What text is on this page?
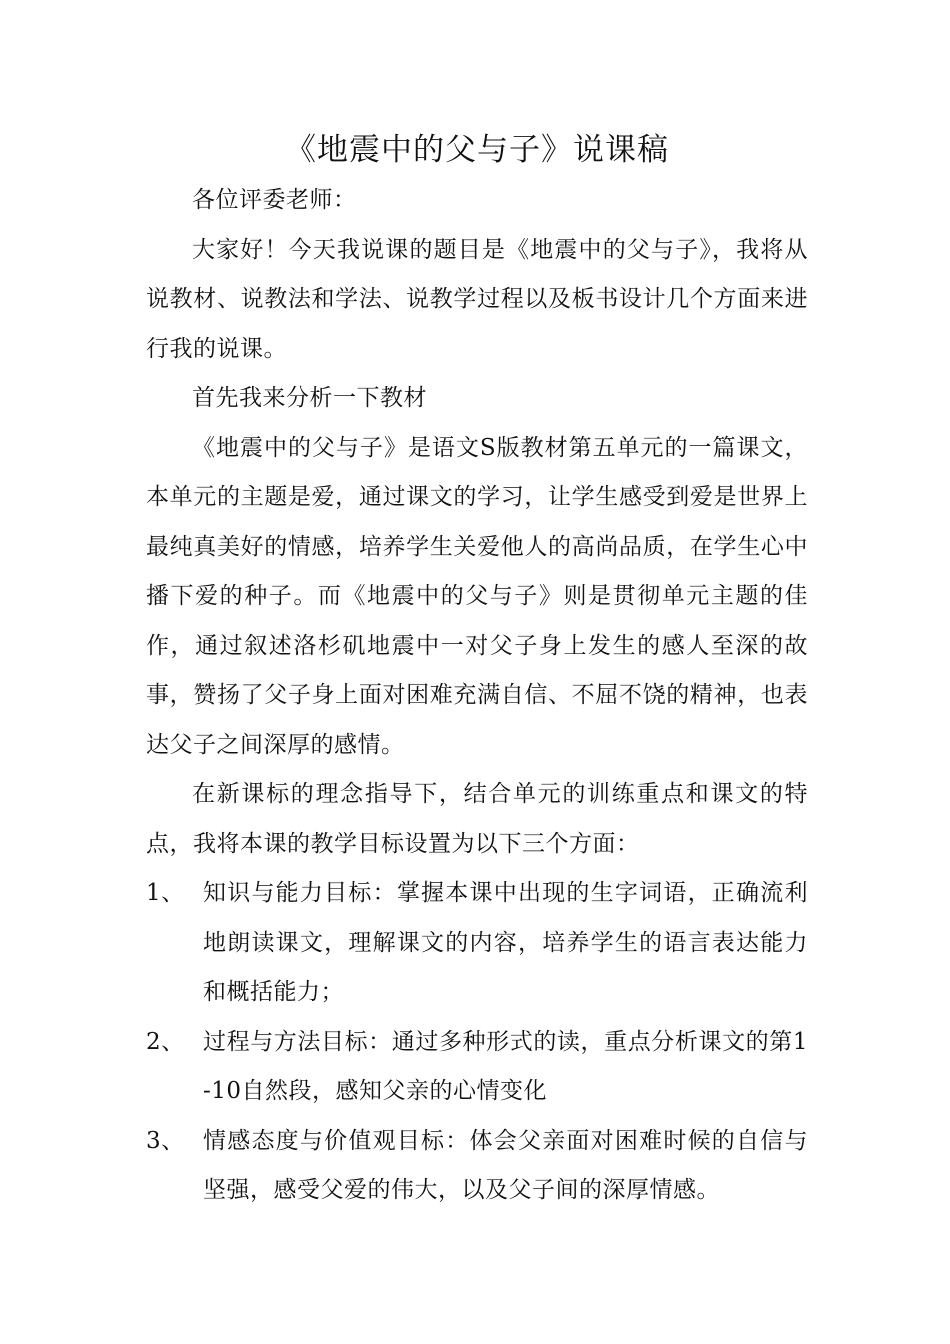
《地震中的父与子》说课稿

各位评委老师：

大家好！今天我说课的题目是《地震中的父与子》，我将从说教材、说教法和学法、说教学过程以及板书设计几个方面来进行我的说课。

首先我来分析一下教材

《地震中的父与子》是语文S版教材第五单元的一篇课文，本单元的主题是爱，通过课文的学习，让学生感受到爱是世界上最纯真美好的情感，培养学生关爱他人的高尚品质，在学生心中播下爱的种子。而《地震中的父与子》则是贯彻单元主题的佳作，通过叙述洛杉矶地震中一对父子身上发生的感人至深的故事，赞扬了父子身上面对困难充满自信、不屈不饶的精神，也表达父子之间深厚的感情。

在新课标的理念指导下，结合单元的训练重点和课文的特点，我将本课的教学目标设置为以下三个方面：

1、 知识与能力目标：掌握本课中出现的生字词语，正确流利地朗读课文，理解课文的内容，培养学生的语言表达能力和概括能力；
2、 过程与方法目标：通过多种形式的读，重点分析课文的第1-10自然段，感知父亲的心情变化
3、 情感态度与价值观目标：体会父亲面对困难时候的自信与坚强，感受父爱的伟大，以及父子间的深厚情感。
